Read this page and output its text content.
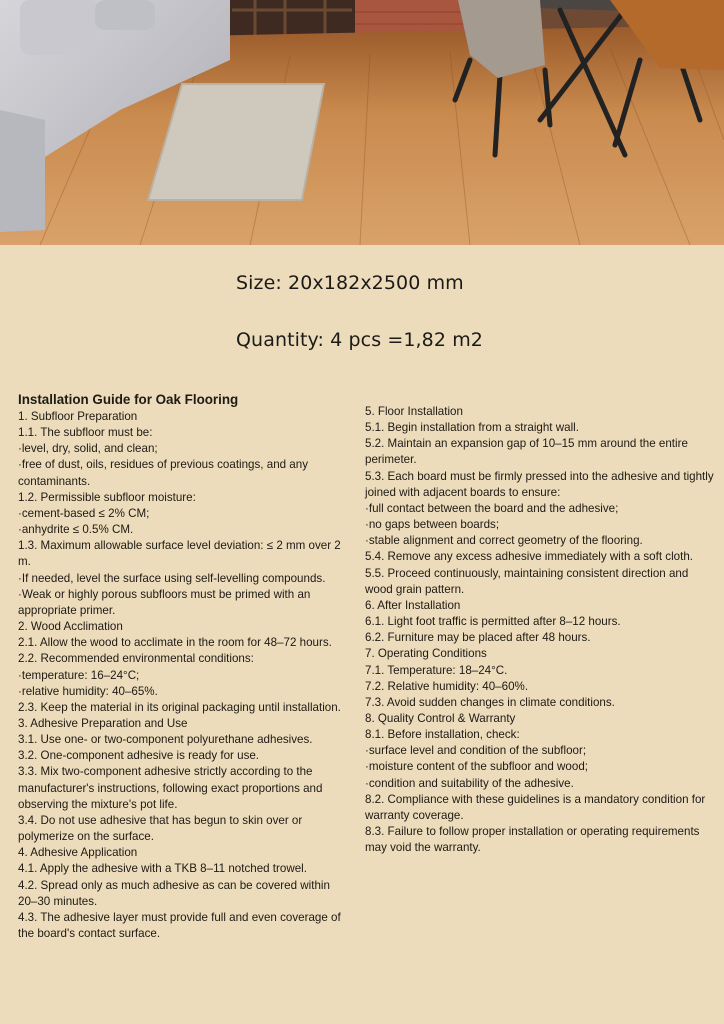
Size: 20x182x2500 mm
Quantity: 4 pcs =1,82 m2
Installation Guide for Oak Flooring
1. Subfloor Preparation
1.1. The subfloor must be:
·level, dry, solid, and clean;
·free of dust, oils, residues of previous coatings, and any contaminants.
1.2. Permissible subfloor moisture:
·cement-based ≤ 2% CM;
·anhydrite ≤ 0.5% CM.
1.3. Maximum allowable surface level deviation: ≤ 2 mm over 2 m.
·If needed, level the surface using self-levelling compounds.
·Weak or highly porous subfloors must be primed with an appropriate primer.
2. Wood Acclimation
2.1. Allow the wood to acclimate in the room for 48–72 hours.
2.2. Recommended environmental conditions:
·temperature: 16–24°C;
·relative humidity: 40–65%.
2.3. Keep the material in its original packaging until installation.
3. Adhesive Preparation and Use
3.1. Use one- or two-component polyurethane adhesives.
3.2. One-component adhesive is ready for use.
3.3. Mix two-component adhesive strictly according to the manufacturer's instructions, following exact proportions and observing the mixture's pot life.
3.4. Do not use adhesive that has begun to skin over or polymerize on the surface.
4. Adhesive Application
4.1. Apply the adhesive with a TKB 8–11 notched trowel.
4.2. Spread only as much adhesive as can be covered within 20–30 minutes.
4.3. The adhesive layer must provide full and even coverage of the board's contact surface.
5. Floor Installation
5.1. Begin installation from a straight wall.
5.2. Maintain an expansion gap of 10–15 mm around the entire perimeter.
5.3. Each board must be firmly pressed into the adhesive and tightly joined with adjacent boards to ensure:
·full contact between the board and the adhesive;
·no gaps between boards;
·stable alignment and correct geometry of the flooring.
5.4. Remove any excess adhesive immediately with a soft cloth.
5.5. Proceed continuously, maintaining consistent direction and wood grain pattern.
6. After Installation
6.1. Light foot traffic is permitted after 8–12 hours.
6.2. Furniture may be placed after 48 hours.
7. Operating Conditions
7.1. Temperature: 18–24°C.
7.2. Relative humidity: 40–60%.
7.3. Avoid sudden changes in climate conditions.
8. Quality Control & Warranty
8.1. Before installation, check:
·surface level and condition of the subfloor;
·moisture content of the subfloor and wood;
·condition and suitability of the adhesive.
8.2. Compliance with these guidelines is a mandatory condition for warranty coverage.
8.3. Failure to follow proper installation or operating requirements may void the warranty.
